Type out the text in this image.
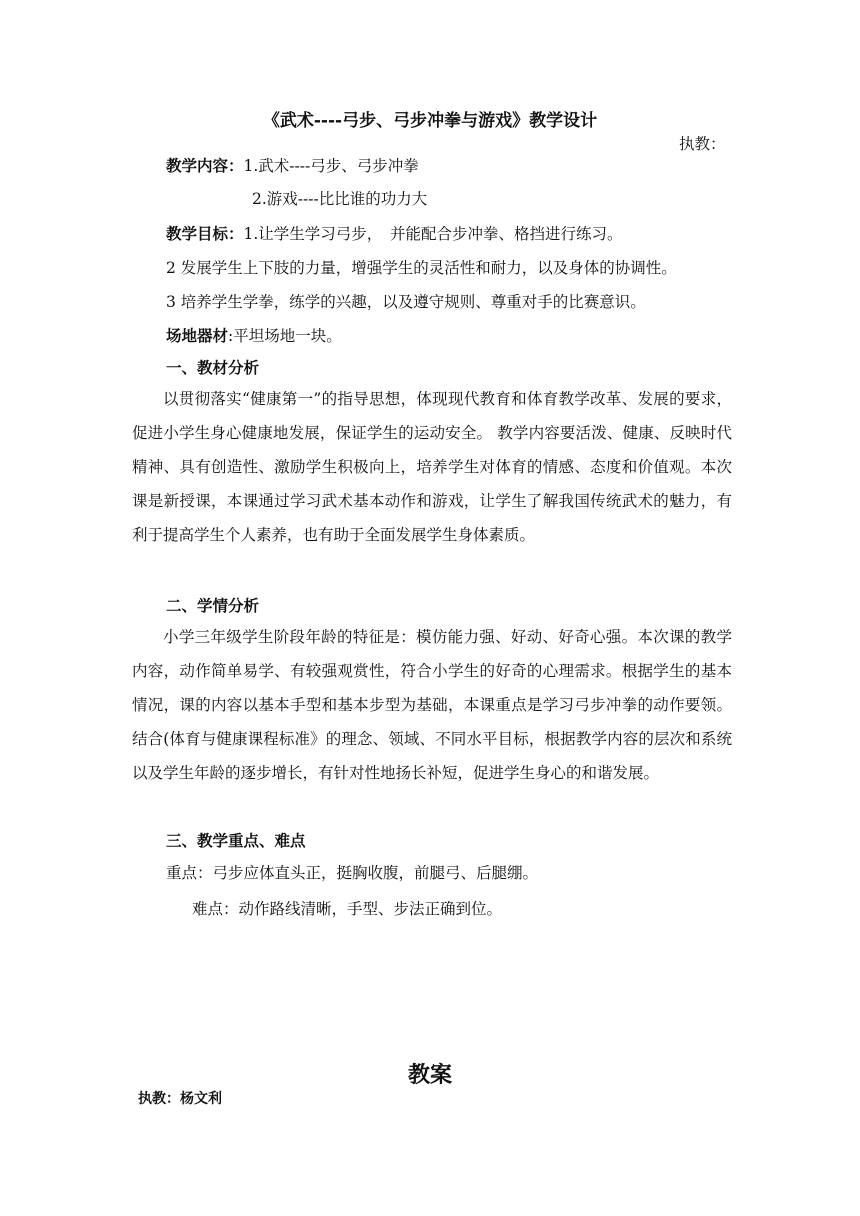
《武术----弓步、弓步冲拳与游戏》教学设计
执教：
教学内容：1.武术----弓步、弓步冲拳
2.游戏----比比谁的功力大
教学目标：1.让学生学习弓步，　并能配合步冲拳、格挡进行练习。
2 发展学生上下肢的力量，增强学生的灵活性和耐力，以及身体的协调性。
3 培养学生学拳，练学的兴趣，以及遵守规则、尊重对手的比赛意识。
场地器材:平坦场地一块。
一、教材分析
以贯彻落实“健康第一”的指导思想，体现现代教育和体育教学改革、发展的要求，促进小学生身心健康地发展，保证学生的运动安全。 教学内容要活泼、健康、反映时代精神、具有创造性、激励学生积极向上，培养学生对体育的情感、态度和价值观。本次课是新授课，本课通过学习武术基本动作和游戏，让学生了解我国传统武术的魅力，有利于提高学生个人素养，也有助于全面发展学生身体素质。
二、学情分析
小学三年级学生阶段年龄的特征是：模仿能力强、好动、好奇心强。本次课的教学内容，动作简单易学、有较强观赏性，符合小学生的好奇的心理需求。根据学生的基本情况，课的内容以基本手型和基本步型为基础，本课重点是学习弓步冲拳的动作要领。结合(体育与健康课程标准》的理念、领域、不同水平目标，根据教学内容的层次和系统以及学生年龄的逐步增长，有针对性地扬长补短，促进学生身心的和谐发展。
三、教学重点、难点
重点：弓步应体直头正，挺胸收腹，前腿弓、后腿绷。
难点：动作路线清晰，手型、步法正确到位。
教案
执教：杨文利
